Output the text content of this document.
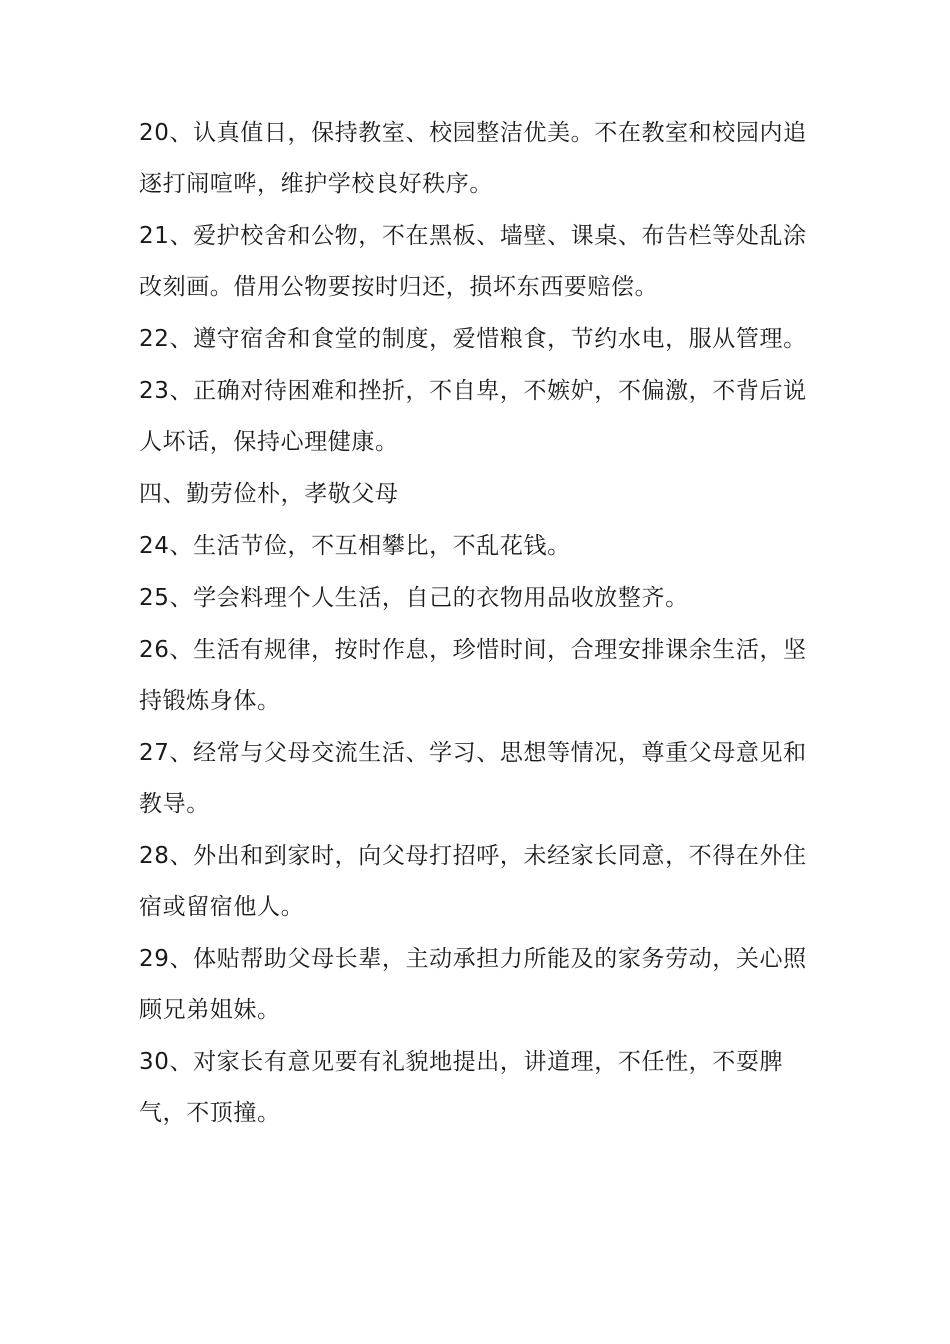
20、认真值日，保持教室、校园整洁优美。不在教室和校园内追逐打闹喧哗，维护学校良好秩序。

21、爱护校舍和公物，不在黑板、墙壁、课桌、布告栏等处乱涂改刻画。借用公物要按时归还，损坏东西要赔偿。

22、遵守宿舍和食堂的制度，爱惜粮食，节约水电，服从管理。

23、正确对待困难和挫折，不自卑，不嫉妒，不偏激，不背后说人坏话，保持心理健康。

四、勤劳俭朴，孝敬父母

24、生活节俭，不互相攀比，不乱花钱。

25、学会料理个人生活，自己的衣物用品收放整齐。

26、生活有规律，按时作息，珍惜时间，合理安排课余生活，坚持锻炼身体。

27、经常与父母交流生活、学习、思想等情况，尊重父母意见和教导。

28、外出和到家时，向父母打招呼，未经家长同意，不得在外住宿或留宿他人。

29、体贴帮助父母长辈，主动承担力所能及的家务劳动，关心照顾兄弟姐妹。

30、对家长有意见要有礼貌地提出，讲道理，不任性，不耍脾气，不顶撞。
